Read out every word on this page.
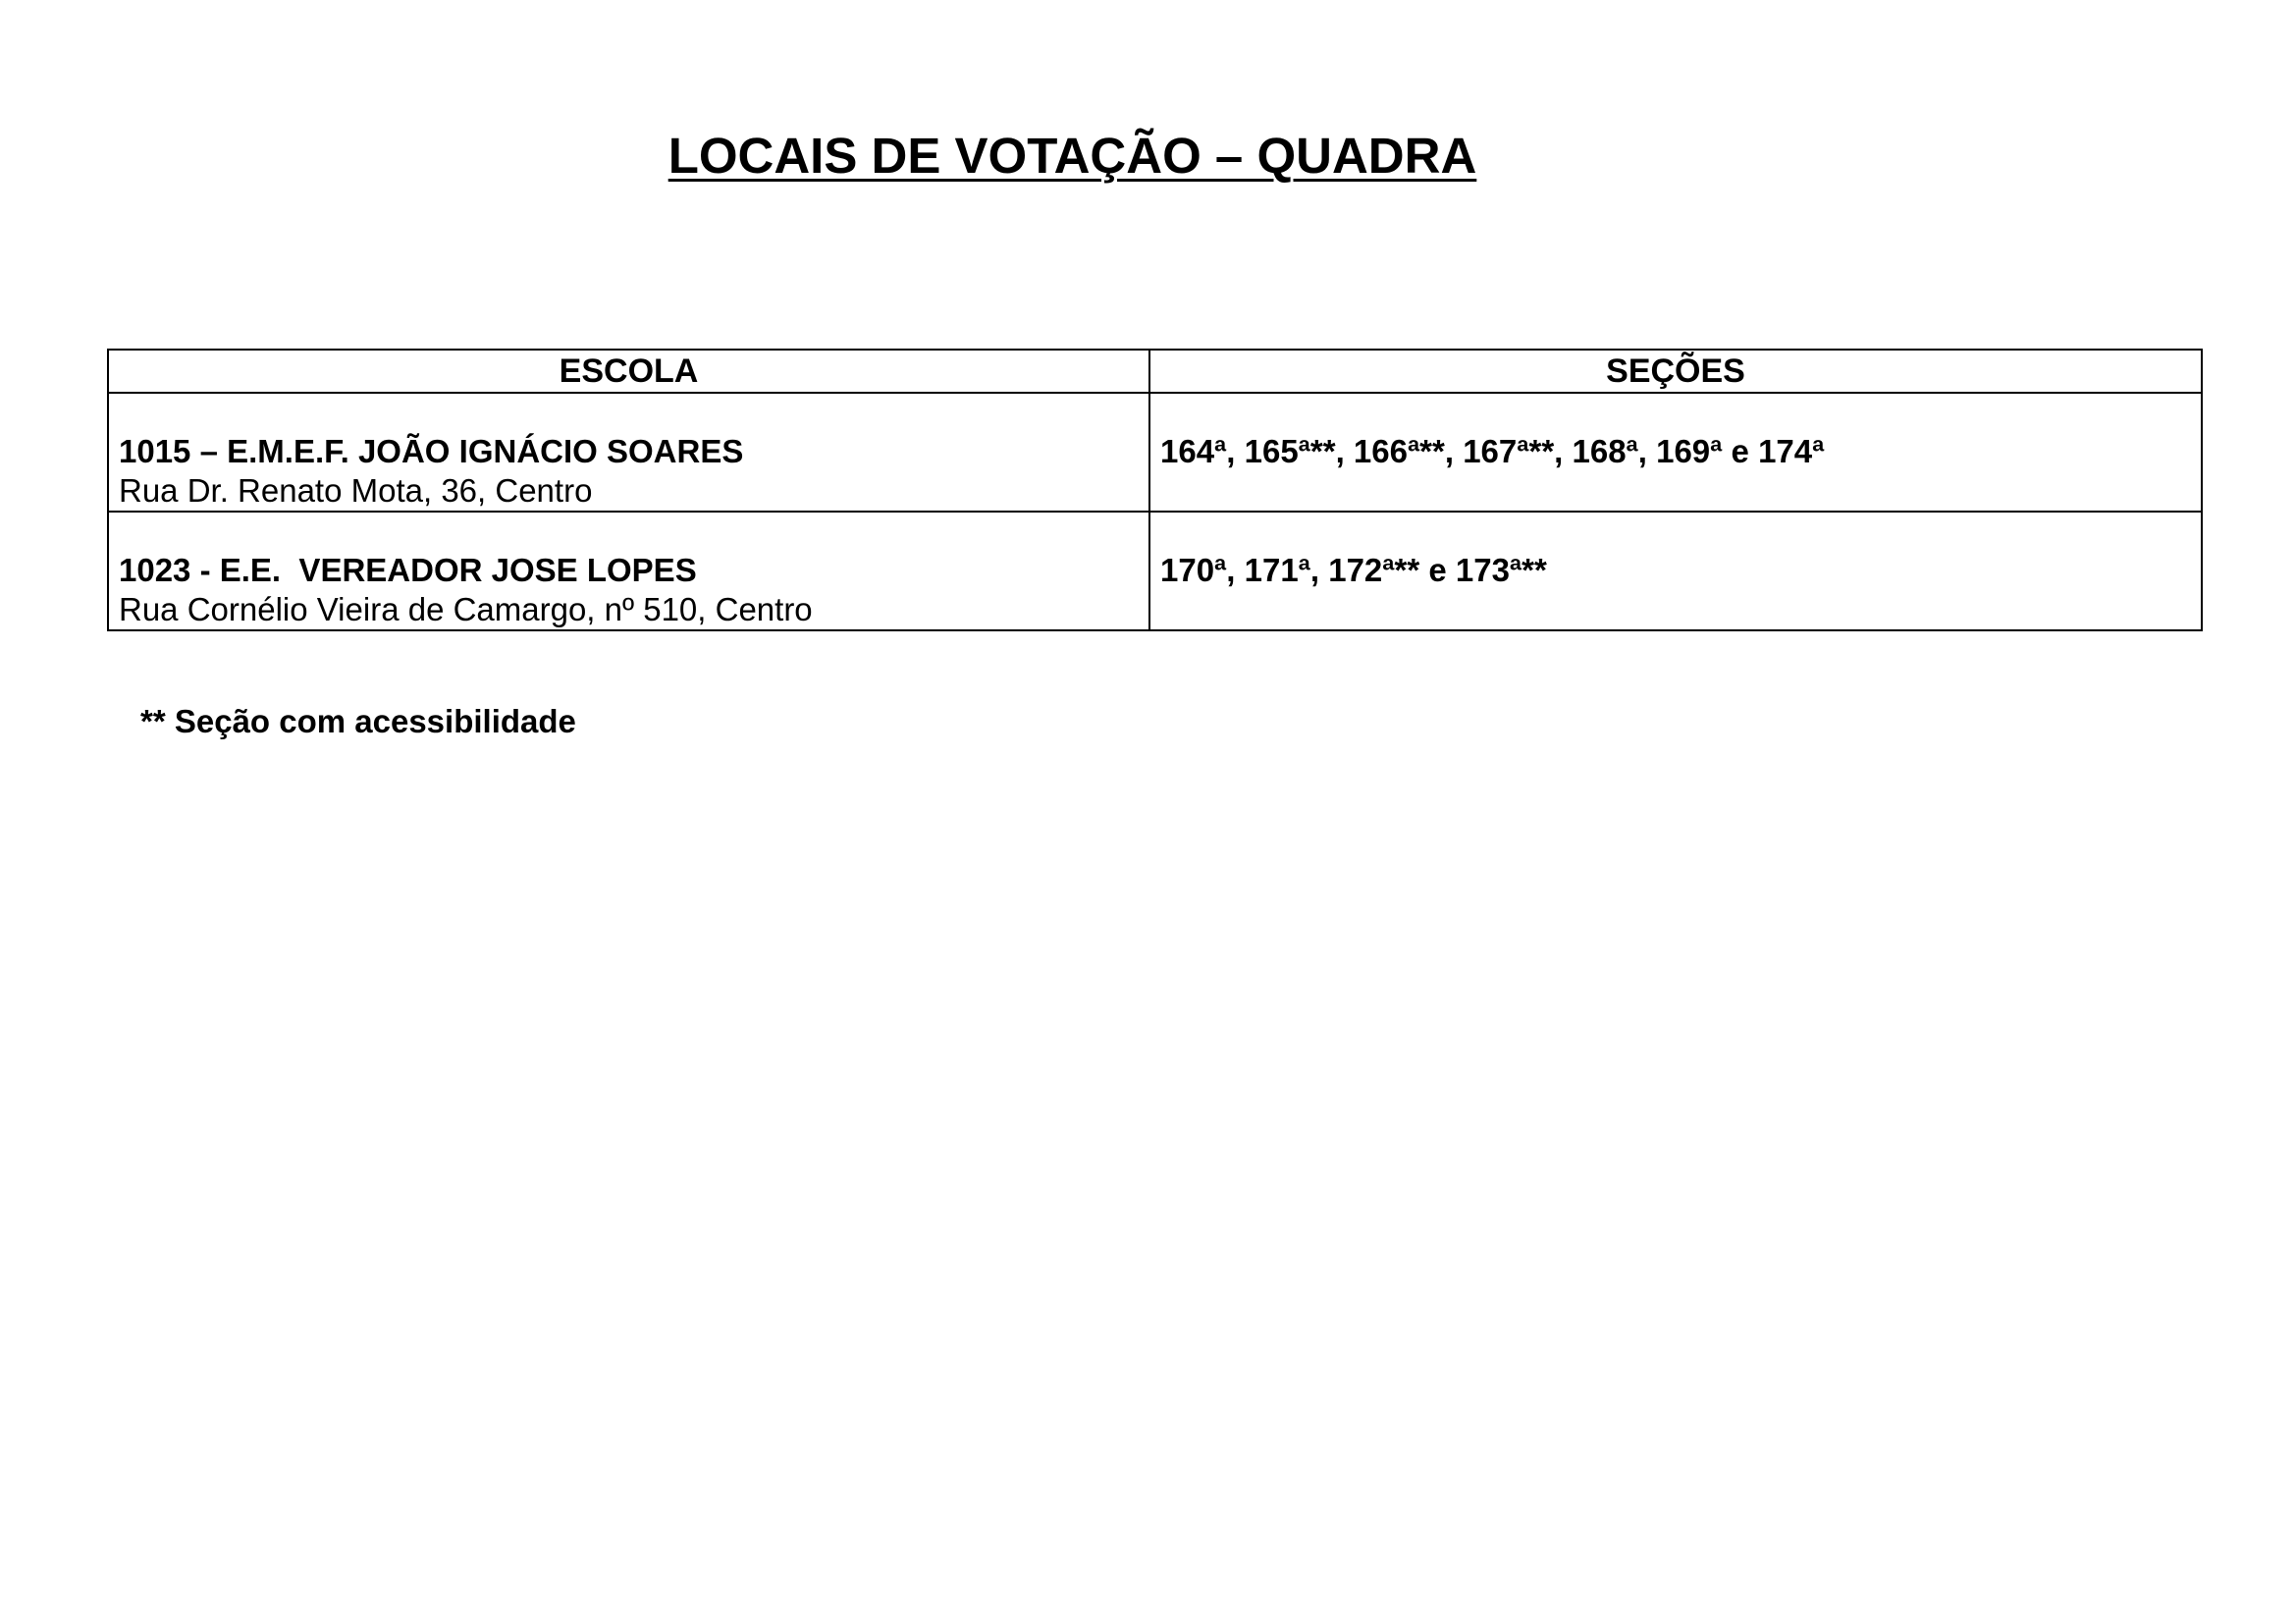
LOCAIS DE VOTAÇÃO – QUADRA
ESCOLA	SEÇÕES

1015 – E.M.E.F. JOÃO IGNÁCIO SOARES
Rua Dr. Renato Mota, 36, Centro	164ª, 165ª**, 166ª**, 167ª**, 168ª, 169ª e 174ª

1023 - E.E.  VEREADOR JOSE LOPES
Rua Cornélio Vieira de Camargo, nº 510, Centro	170ª, 171ª, 172ª** e 173ª**
** Seção com acessibilidade
